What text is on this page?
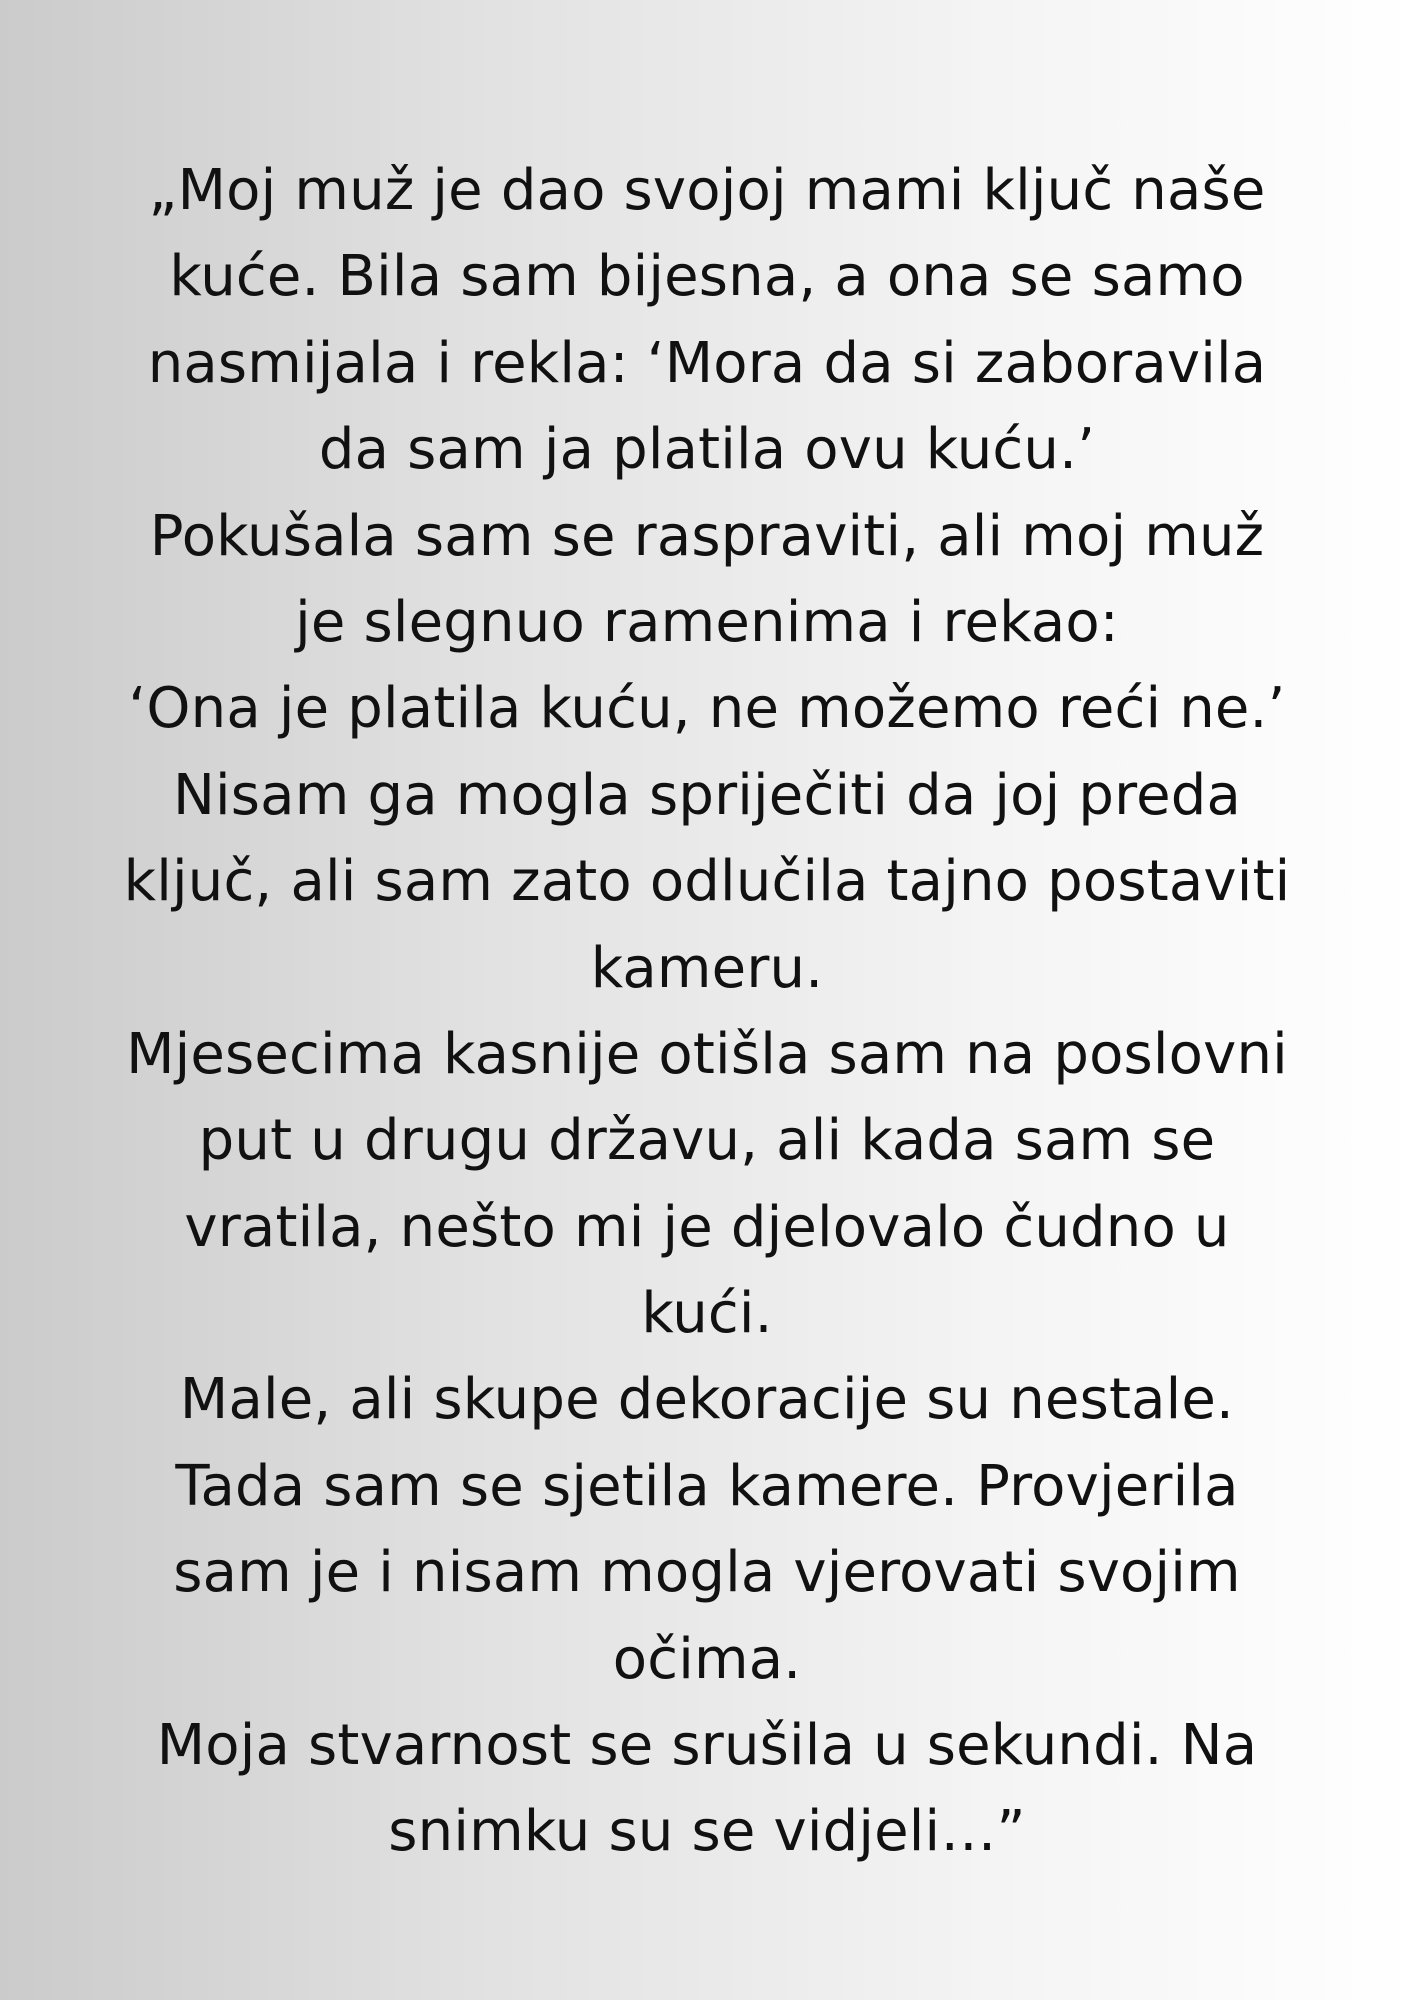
„Moj muž je dao svojoj mami ključ naše
kuće. Bila sam bijesna, a ona se samo
nasmijala i rekla: ‘Mora da si zaboravila
da sam ja platila ovu kuću.’
Pokušala sam se raspraviti, ali moj muž
je slegnuo ramenima i rekao:
‘Ona je platila kuću, ne možemo reći ne.’
Nisam ga mogla spriječiti da joj preda
ključ, ali sam zato odlučila tajno postaviti
kameru.
Mjesecima kasnije otišla sam na poslovni
put u drugu državu, ali kada sam se
vratila, nešto mi je djelovalo čudno u
kući.
Male, ali skupe dekoracije su nestale.
Tada sam se sjetila kamere. Provjerila
sam je i nisam mogla vjerovati svojim
očima.
Moja stvarnost se srušila u sekundi. Na
snimku su se vidjeli…”
